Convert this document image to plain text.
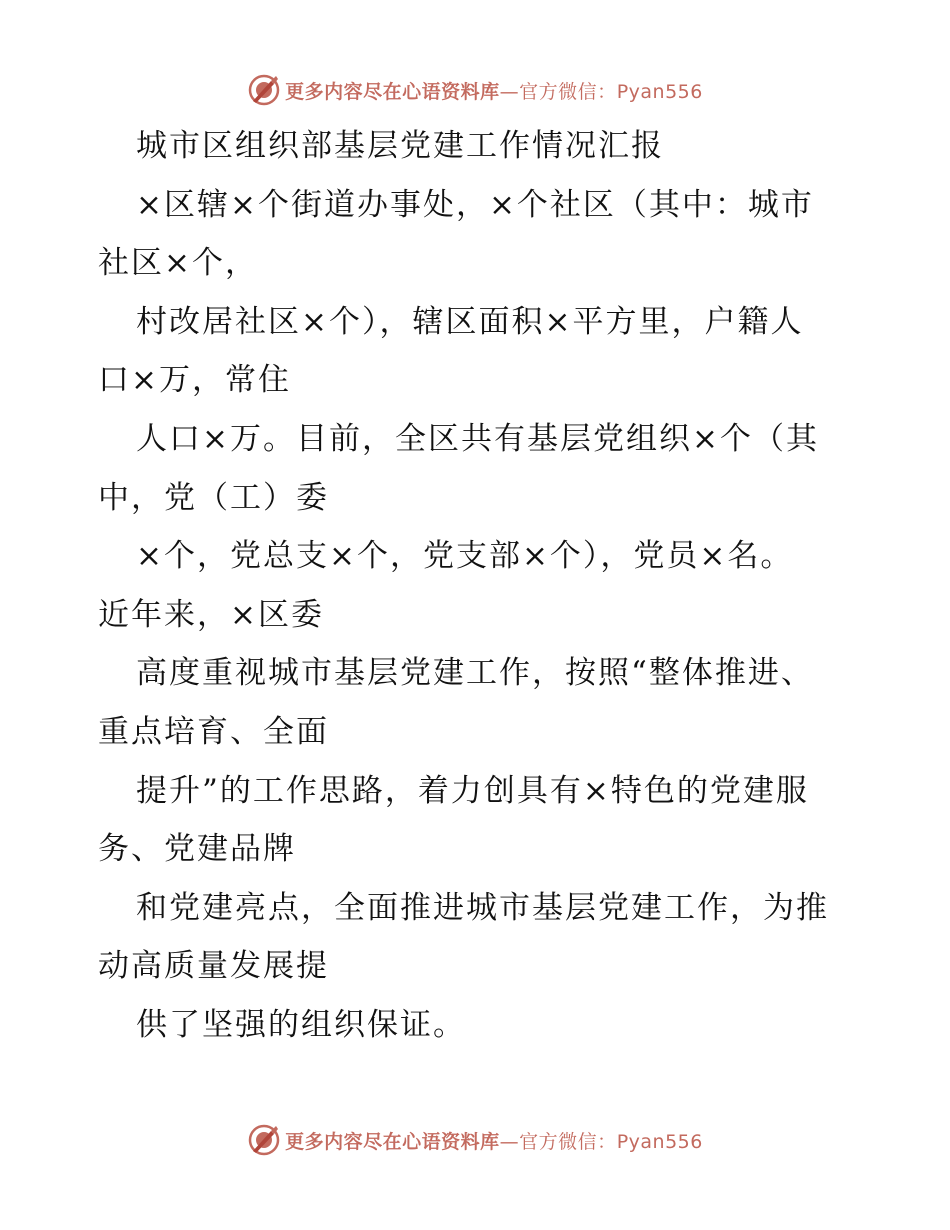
更多内容尽在心语资料库—官方微信：Pyan556
城市区组织部基层党建工作情况汇报
×区辖×个街道办事处，×个社区（其中：城市
社区×个，
村改居社区×个），辖区面积×平方里，户籍人
口×万，常住
人口×万。目前，全区共有基层党组织×个（其
中，党（工）委
×个，党总支×个，党支部×个），党员×名。
近年来，×区委
高度重视城市基层党建工作，按照“整体推进、
重点培育、全面
提升”的工作思路，着力创具有×特色的党建服
务、党建品牌
和党建亮点，全面推进城市基层党建工作，为推
动高质量发展提
供了坚强的组织保证。
更多内容尽在心语资料库—官方微信：Pyan556
